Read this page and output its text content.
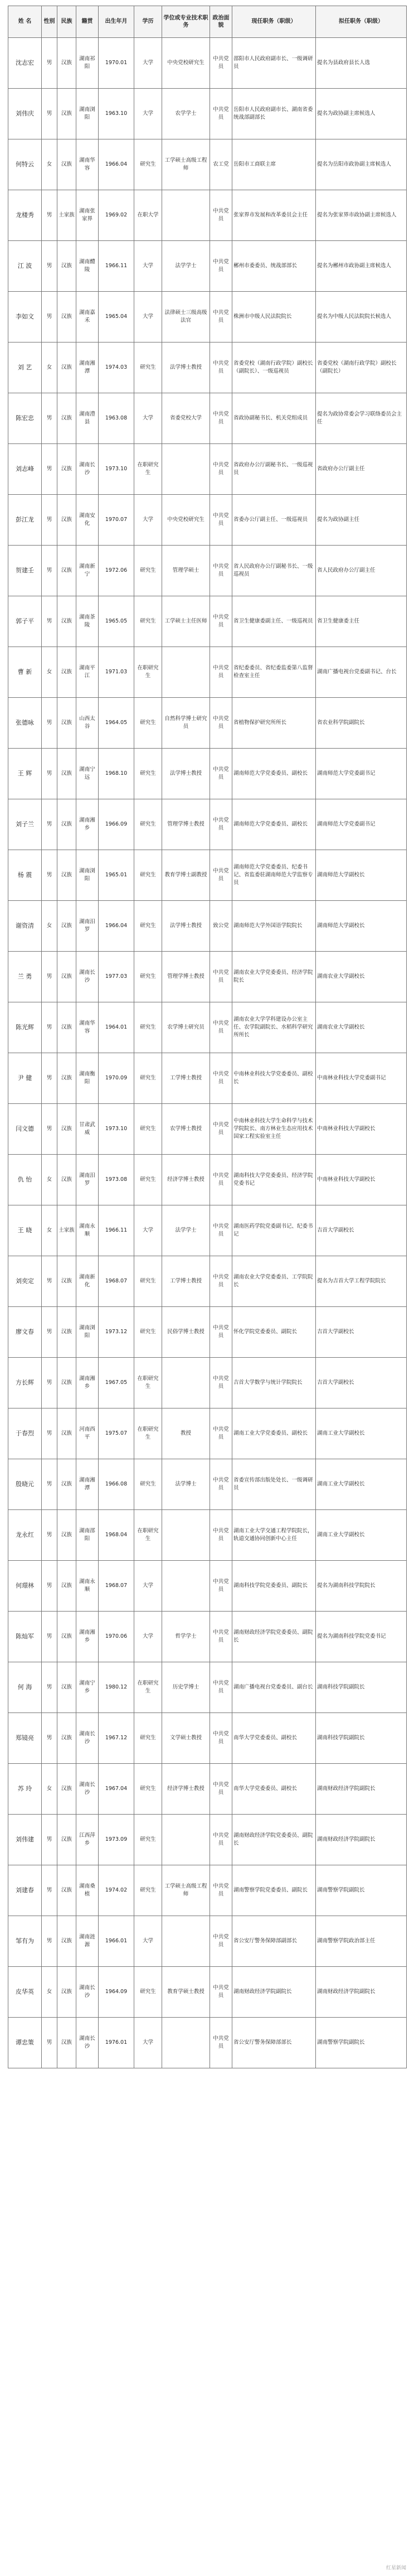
姓 名	性别	民族	籍贯	出生年月	学历	学位或专业技术职务	政治面貌	现任职务（职级）	拟任职务（职级）
沈志宏	男	汉族	湖南祁阳	1970.01	大学	中央党校研究生	中共党员	邵阳市人民政府副市长、一级调研员	提名为县政府县长人选
刘伟庆	男	汉族	湖南浏阳	1963.10	大学	农学学士	中共党员	岳阳市人民政府副市长、湖南省委统战部副部长	提名为政协副主席候选人
何特云	女	汉族	湖南华容	1966.04	研究生	工学硕士高级工程师	农工党	岳阳市工商联主席	提名为岳阳市政协副主席候选人
龙楼秀	男	土家族	湖南张家界	1969.02	在职大学		中共党员	张家界市发展和改革委员会主任	提名为张家界市政协副主席候选人
江 波	男	汉族	湖南醴陵	1966.11	大学	法学学士	中共党员	郴州市委委员、统战部部长	提名为郴州市政协副主席候选人
李如文	男	汉族	湖南嘉禾	1965.04	大学	法律硕士三级高级法官	中共党员	株洲市中级人民法院院长	提名为中级人民法院院长候选人
刘 艺	女	汉族	湖南湘潭	1974.03	研究生	法学博士教授	中共党员	省委党校（湖南行政学院）副校长（副院长）、一级巡视员	省委党校（湖南行政学院）副校长（副院长）
陈宏忠	男	汉族	湖南澧县	1963.08	大学	省委党校大学	中共党员	省政协副秘书长、机关党组成员	提名为政协常委会学习联络委员会主任
刘志峰	男	汉族	湖南长沙	1973.10	在职研究生		中共党员	省政府办公厅副秘书长、一级巡视员	省政府办公厅副主任
彭江龙	男	汉族	湖南安化	1970.07	大学	中央党校研究生	中共党员	省委办公厅副主任、一级巡视员	提名为政协副主任
贺建壬	男	汉族	湖南新宁	1972.06	研究生	管理学硕士	中共党员	省人民政府办公厅副秘书长、一级巡视员	省人民政府办公厅副主任
郭子平	男	汉族	湖南茶陵	1965.05	研究生	工学硕士主任医师	中共党员	省卫生健康委副主任、一级巡视员	省卫生健康委主任
曹 新	女	汉族	湖南平江	1971.03	在职研究生		中共党员	省纪委委员、省纪委监委第八监督检查室主任	湖南广播电视台党委副书记、台长
张德咏	男	汉族	山西太谷	1964.05	研究生	自然科学博士研究员	中共党员	省植物保护研究所所长	省农业科学院副院长
王 辉	男	汉族	湖南宁远	1968.10	研究生	法学博士教授	中共党员	湖南师范大学党委委员、副校长	湖南师范大学党委副书记
刘子兰	男	汉族	湖南湘乡	1966.09	研究生	管理学博士教授	中共党员	湖南师范大学党委委员、副校长	湖南师范大学党委副书记
杨 震	男	汉族	湖南浏阳	1965.01	研究生	教育学博士副教授	中共党员	湖南师范大学党委委员、纪委书记、省监委驻湖南师范大学监察专员	湖南师范大学副校长
谢资清	女	汉族	湖南汨罗	1966.04	研究生	法学博士教授	致公党	湖南师范大学外国语学院院长	湖南师范大学副校长
兰 勇	男	汉族	湖南长沙	1977.03	研究生	管理学博士教授	中共党员	湖南农业大学党委委员、经济学院院长	湖南农业大学副校长
陈光辉	男	汉族	湖南华容	1964.01	研究生	农学博士研究员	中共党员	湖南农业大学学科建设办公室主任、农学院副院长、水稻科学研究所所长	湖南农业大学副校长
尹 健	男	汉族	湖南衡阳	1970.09	研究生	工学博士教授	中共党员	中南林业科技大学党委委员、副校长	中南林业科技大学党委副书记
闫文德	男	汉族	甘肃武威	1973.10	研究生	农学博士教授	中共党员	中南林业科技大学生命科学与技术学院院长、南方林业生态应用技术国家工程实验室主任	中南林业科技大学副校长
仇 怡	女	汉族	湖南汨罗	1973.08	研究生	经济学博士教授	中共党员	湖南科技大学党委委员、经济学院党委书记	中南林业科技大学副校长
王 晓	女	土家族	湖南永顺	1966.11	大学	法学学士	中共党员	湖南医药学院党委副书记、纪委书记	吉首大学副校长
刘奕定	男	汉族	湖南新化	1968.07	研究生	工学博士教授	中共党员	湖南农业大学党委委员、工学院院长	提名为吉首大学工程学院院长
廖文春	男	汉族	湖南浏阳	1973.12	研究生	民俗学博士教授	中共党员	怀化学院党委委员、副院长	吉首大学副校长
方长辉	男	汉族	湖南湘乡	1967.05	在职研究生		中共党员	吉首大学数学与统计学院院长	吉首大学副校长
于春烈	男	汉族	河南西平	1975.07	在职研究生	教授	中共党员	湖南工业大学党委委员、副校长	湖南工业大学副校长
殷晓元	男	汉族	湖南湘潭	1966.08	研究生	法学博士	中共党员	省委宣传部出版处处长、一级调研员	湖南工业大学副校长
龙永红	男	汉族	湖南邵阳	1968.04	在职研究生		中共党员	湖南工业大学交通工程学院院长，轨道交通协同创新中心主任	湖南工业大学副校长
何璟林	男	汉族	湖南永顺	1968.07	大学		中共党员	湖南科技学院党委委员、副院长	提名为湖南科技学院院长
陈灿军	男	汉族	湖南湘乡	1970.06	大学	哲学学士	中共党员	湖南财政经济学院党委委员、副院长	提名为湖南科技学院党委书记
何 海	男	汉族	湖南宁乡	1980.12	在职研究生	历史学博士	中共党员	湖南广播电视台党委委员、副台长	湖南科技学院副院长
郑镜亮	男	汉族	湖南长沙	1967.12	研究生	文学硕士教授	中共党员	南华大学党委委员、副校长	湖南科技学院副院长
苏 玲	女	汉族	湖南长沙	1967.04	研究生	经济学博士教授	中共党员	南华大学党委委员、副校长	湖南财政经济学院副院长
刘伟建	男	汉族	江西萍乡	1973.09	研究生		中共党员	湖南财政经济学院党委委员、副院长	湖南财政经济学院副院长
刘建春	男	汉族	湖南桑植	1974.02	研究生	工学硕士高级工程师	中共党员	湖南警察学院党委委员、副院长	湖南警察学院副院长
邹有为	男	汉族	湖南涟源	1966.01	大学		中共党员	省公安厅警务保障部副部长	湖南警察学院政治部主任
皮华英	女	汉族	湖南长沙	1964.09	研究生	教育学硕士教授	中共党员	湖南财政经济学院副院长	湖南财政经济学院副院长
谭忠策	男	汉族	湖南长沙	1976.01	大学		中共党员	省公安厅警务保障部部长	湖南警察学院副院长
红星新闻
